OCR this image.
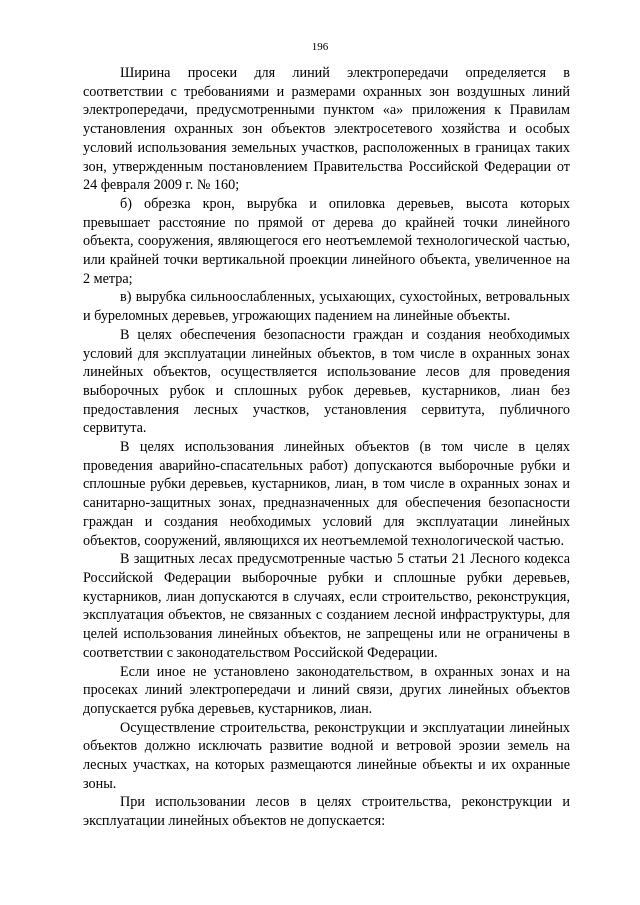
196

Ширина просеки для линий электропередачи определяется в соответствии с требованиями и размерами охранных зон воздушных линий электропередачи, предусмотренными пунктом «а» приложения к Правилам установления охранных зон объектов электросетевого хозяйства и особых условий использования земельных участков, расположенных в границах таких зон, утвержденным постановлением Правительства Российской Федерации от 24 февраля 2009 г. № 160;

б) обрезка крон, вырубка и опиловка деревьев, высота которых превышает расстояние по прямой от дерева до крайней точки линейного объекта, сооружения, являющегося его неотъемлемой технологической частью, или крайней точки вертикальной проекции линейного объекта, увеличенное на 2 метра;

в) вырубка сильноослабленных, усыхающих, сухостойных, ветровальных и буреломных деревьев, угрожающих падением на линейные объекты.

В целях обеспечения безопасности граждан и создания необходимых условий для эксплуатации линейных объектов, в том числе в охранных зонах линейных объектов, осуществляется использование лесов для проведения выборочных рубок и сплошных рубок деревьев, кустарников, лиан без предоставления лесных участков, установления сервитута, публичного сервитута.

В целях использования линейных объектов (в том числе в целях проведения аварийно-спасательных работ) допускаются выборочные рубки и сплошные рубки деревьев, кустарников, лиан, в том числе в охранных зонах и санитарно-защитных зонах, предназначенных для обеспечения безопасности граждан и создания необходимых условий для эксплуатации линейных объектов, сооружений, являющихся их неотъемлемой технологической частью.

В защитных лесах предусмотренные частью 5 статьи 21 Лесного кодекса Российской Федерации выборочные рубки и сплошные рубки деревьев, кустарников, лиан допускаются в случаях, если строительство, реконструкция, эксплуатация объектов, не связанных с созданием лесной инфраструктуры, для целей использования линейных объектов, не запрещены или не ограничены в соответствии с законодательством Российской Федерации.

Если иное не установлено законодательством, в охранных зонах и на просеках линий электропередачи и линий связи, других линейных объектов допускается рубка деревьев, кустарников, лиан.

Осуществление строительства, реконструкции и эксплуатации линейных объектов должно исключать развитие водной и ветровой эрозии земель на лесных участках, на которых размещаются линейные объекты и их охранные зоны.

При использовании лесов в целях строительства, реконструкции и эксплуатации линейных объектов не допускается:
